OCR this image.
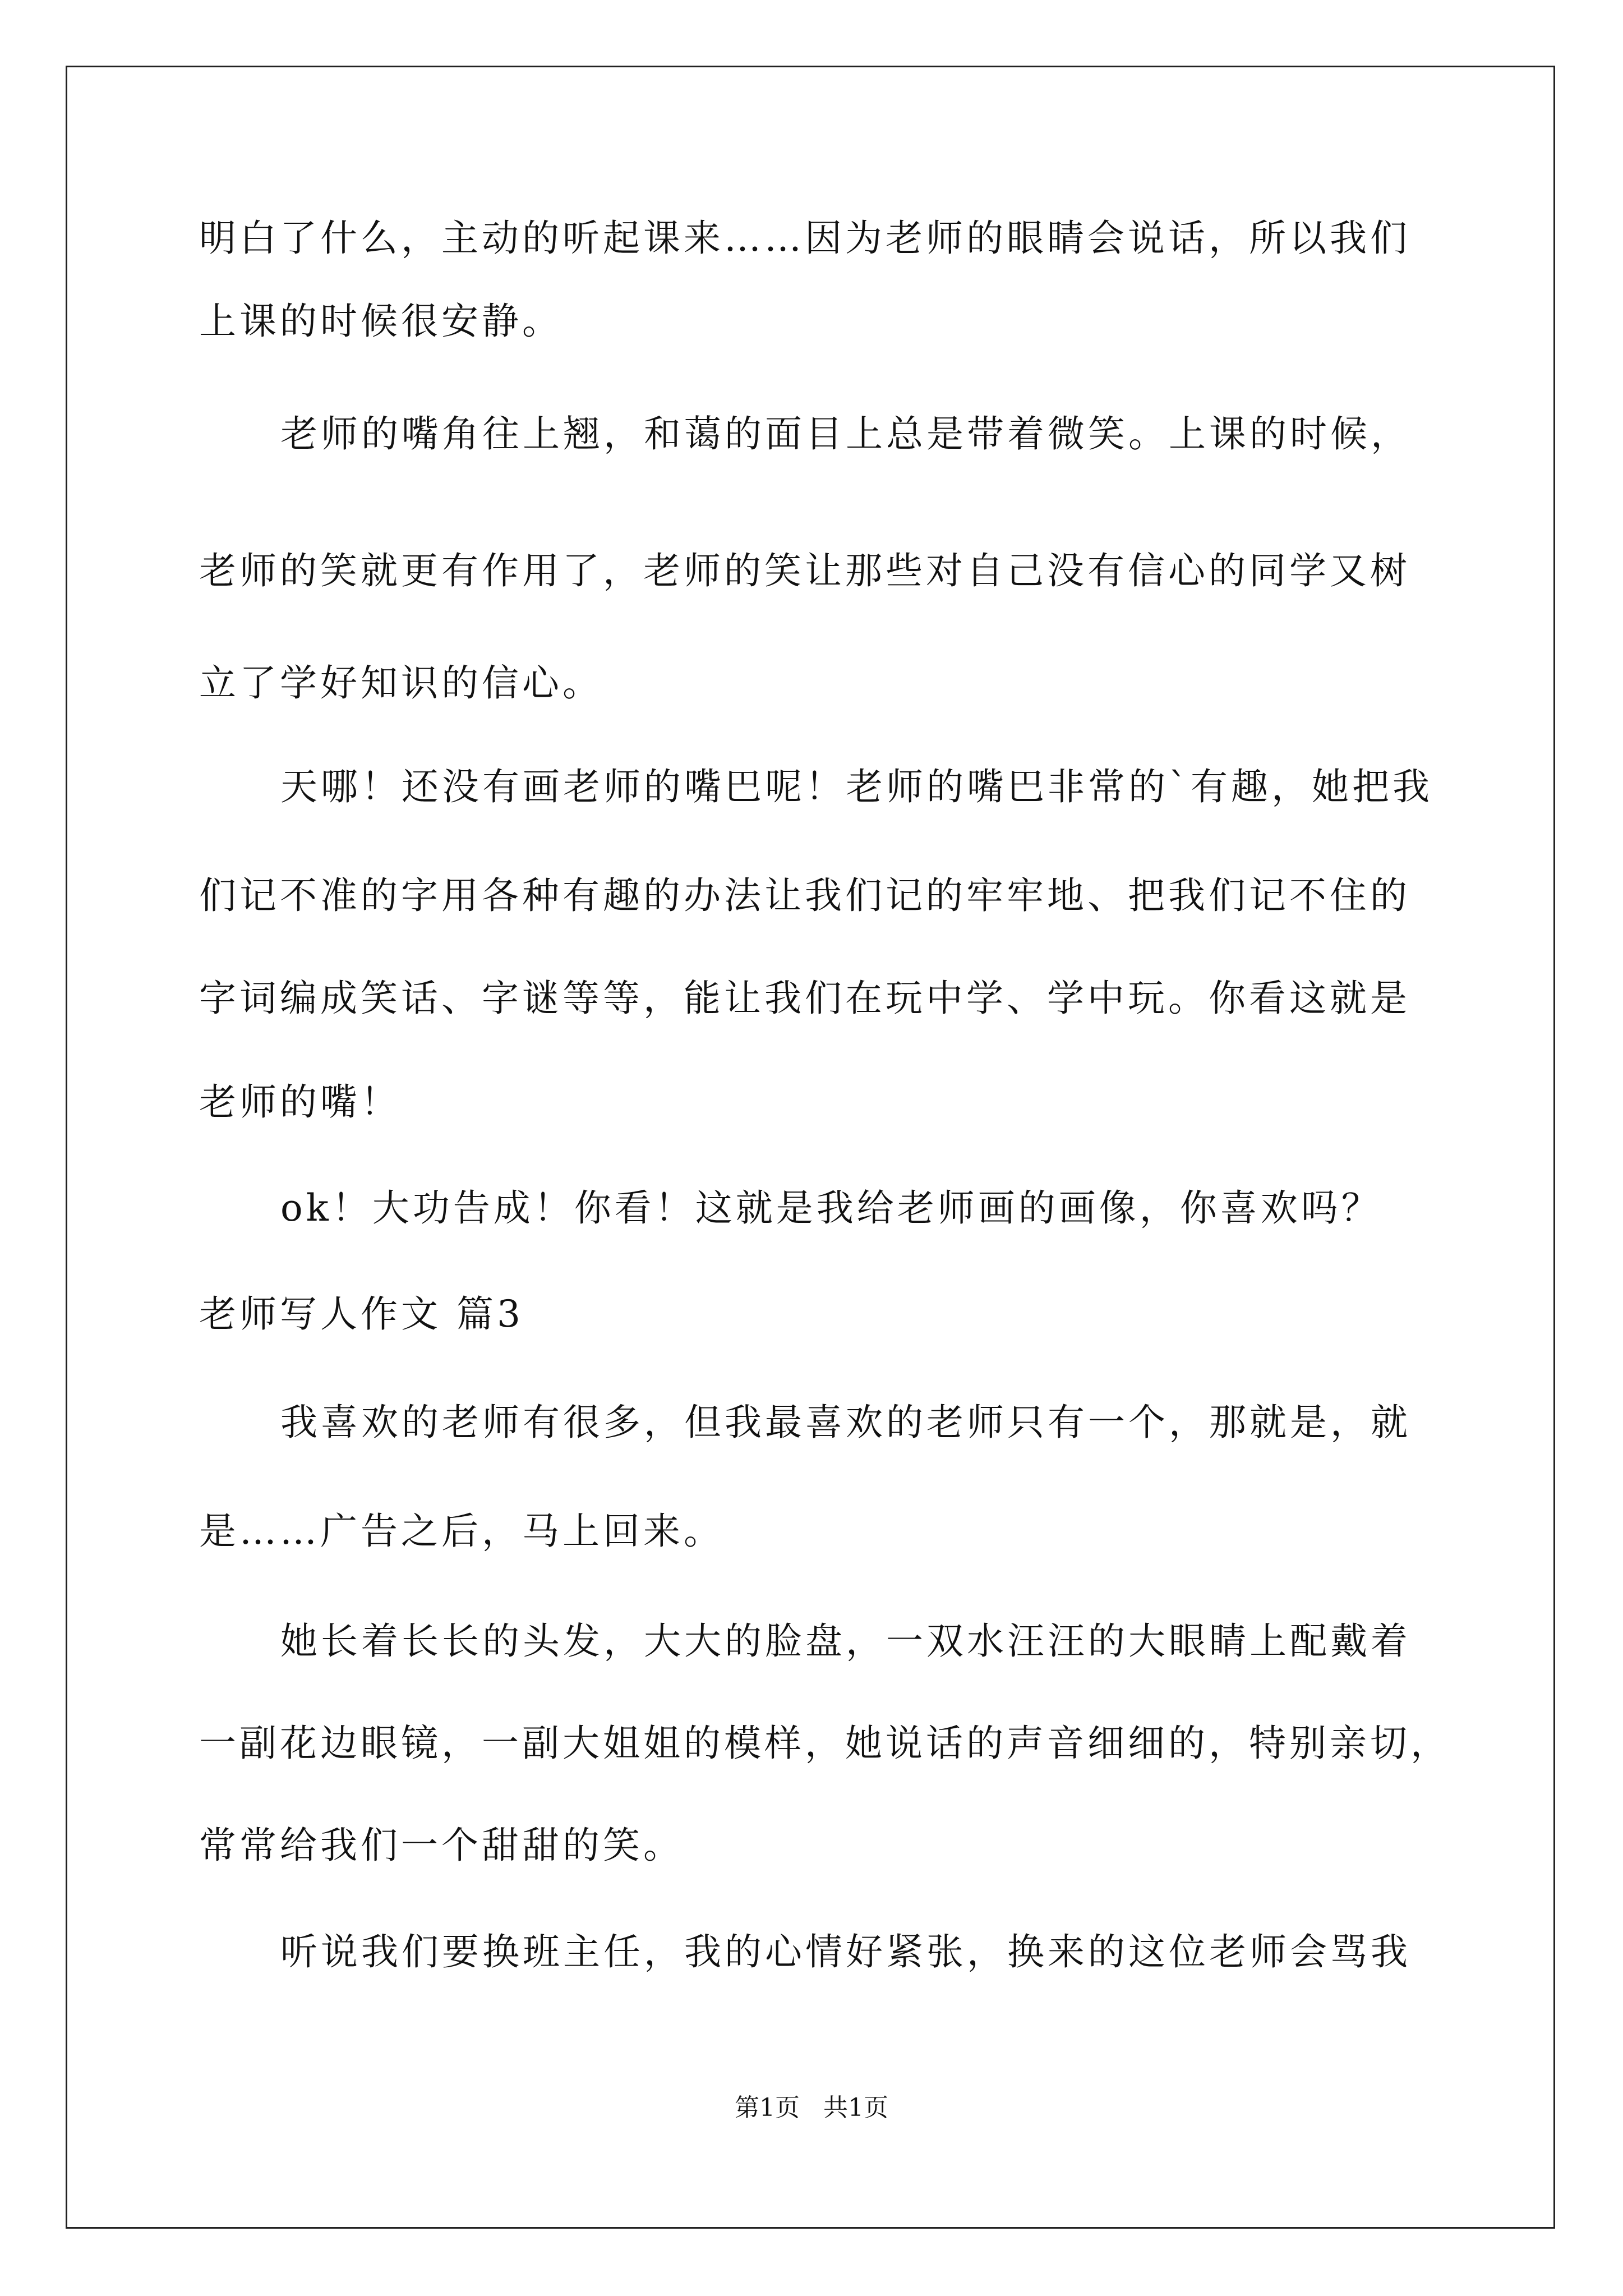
明白了什么，主动的听起课来……因为老师的眼睛会说话，所以我们
上课的时候很安静。
老师的嘴角往上翘，和蔼的面目上总是带着微笑。上课的时候，
老师的笑就更有作用了，老师的笑让那些对自己没有信心的同学又树
立了学好知识的信心。
天哪！还没有画老师的嘴巴呢！老师的嘴巴非常的`有趣，她把我
们记不准的字用各种有趣的办法让我们记的牢牢地、把我们记不住的
字词编成笑话、字谜等等，能让我们在玩中学、学中玩。你看这就是
老师的嘴！
ok！大功告成！你看！这就是我给老师画的画像，你喜欢吗？
老师写人作文 篇3
我喜欢的老师有很多，但我最喜欢的老师只有一个，那就是，就
是……广告之后，马上回来。
她长着长长的头发，大大的脸盘，一双水汪汪的大眼睛上配戴着
一副花边眼镜，一副大姐姐的模样，她说话的声音细细的，特别亲切，
常常给我们一个甜甜的笑。
听说我们要换班主任，我的心情好紧张，换来的这位老师会骂我
第1页   共1页
